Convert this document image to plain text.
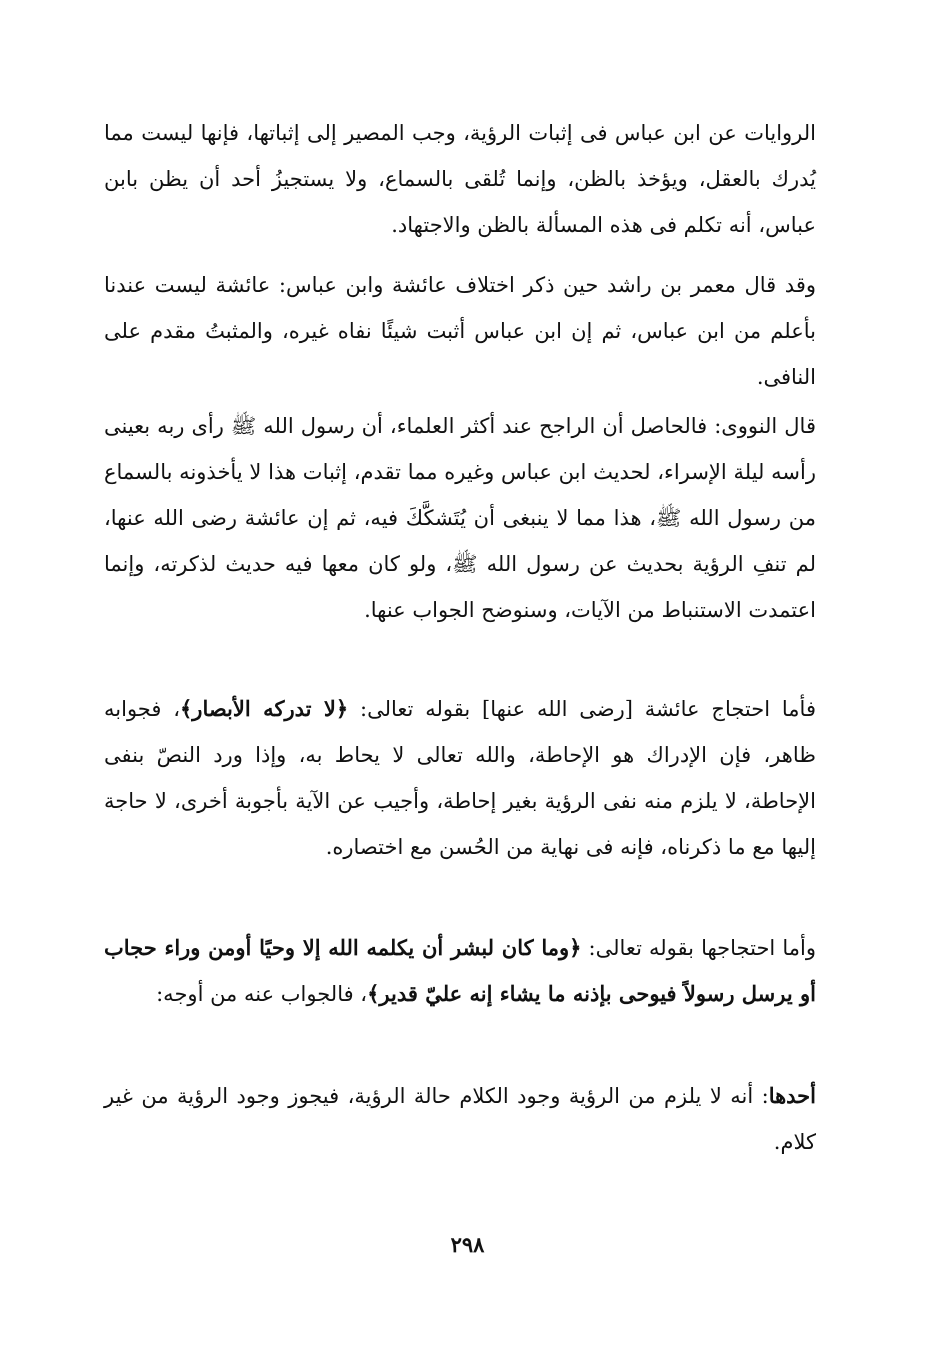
الروايات عن ابن عباس فى إثبات الرؤية، وجب المصير إلى إثباتها، فإنها ليست مما يُدرك بالعقل، ويؤخذ بالظن، وإنما تُلقى بالسماع، ولا يستجيزُ أحد أن يظن بابن عباس، أنه تكلم فى هذه المسألة بالظن والاجتهاد.

وقد قال معمر بن راشد حين ذكر اختلاف عائشة وابن عباس: عائشة ليست عندنا بأعلم من ابن عباس، ثم إن ابن عباس أثبت شيئًا نفاه غيره، والمثبتُ مقدم على النافى.

قال النووى: فالحاصل أن الراجح عند أكثر العلماء، أن رسول الله ﷺ رأى ربه بعينى رأسه ليلة الإسراء، لحديث ابن عباس وغيره مما تقدم، إثبات هذا لا يأخذونه بالسماع من رسول الله ﷺ، هذا مما لا ينبغى أن يُتَشكَّكَ فيه، ثم إن عائشة رضى الله عنها، لم تنفِ الرؤية بحديث عن رسول الله ﷺ، ولو كان معها فيه حديث لذكرته، وإنما اعتمدت الاستنباط من الآيات، وسنوضح الجواب عنها.

فأما احتجاج عائشة [رضى الله عنها] بقوله تعالى: ﴿لا تدركه الأبصار﴾، فجوابه ظاهر، فإن الإدراك هو الإحاطة، والله تعالى لا يحاط به، وإذا ورد النصّ بنفى الإحاطة، لا يلزم منه نفى الرؤية بغير إحاطة، وأجيب عن الآية بأجوبة أخرى، لا حاجة إليها مع ما ذكرناه، فإنه فى نهاية من الحُسن مع اختصاره.

وأما احتجاجها بقوله تعالى: ﴿وما كان لبشر أن يكلمه الله إلا وحيًا أومن وراء حجاب أو يرسل رسولاً فيوحى بإذنه ما يشاء إنه عليّ قدير﴾، فالجواب عنه من أوجه:

أحدها: أنه لا يلزم من الرؤية وجود الكلام حالة الرؤية، فيجوز وجود الرؤية من غير كلام.

٢٩٨
